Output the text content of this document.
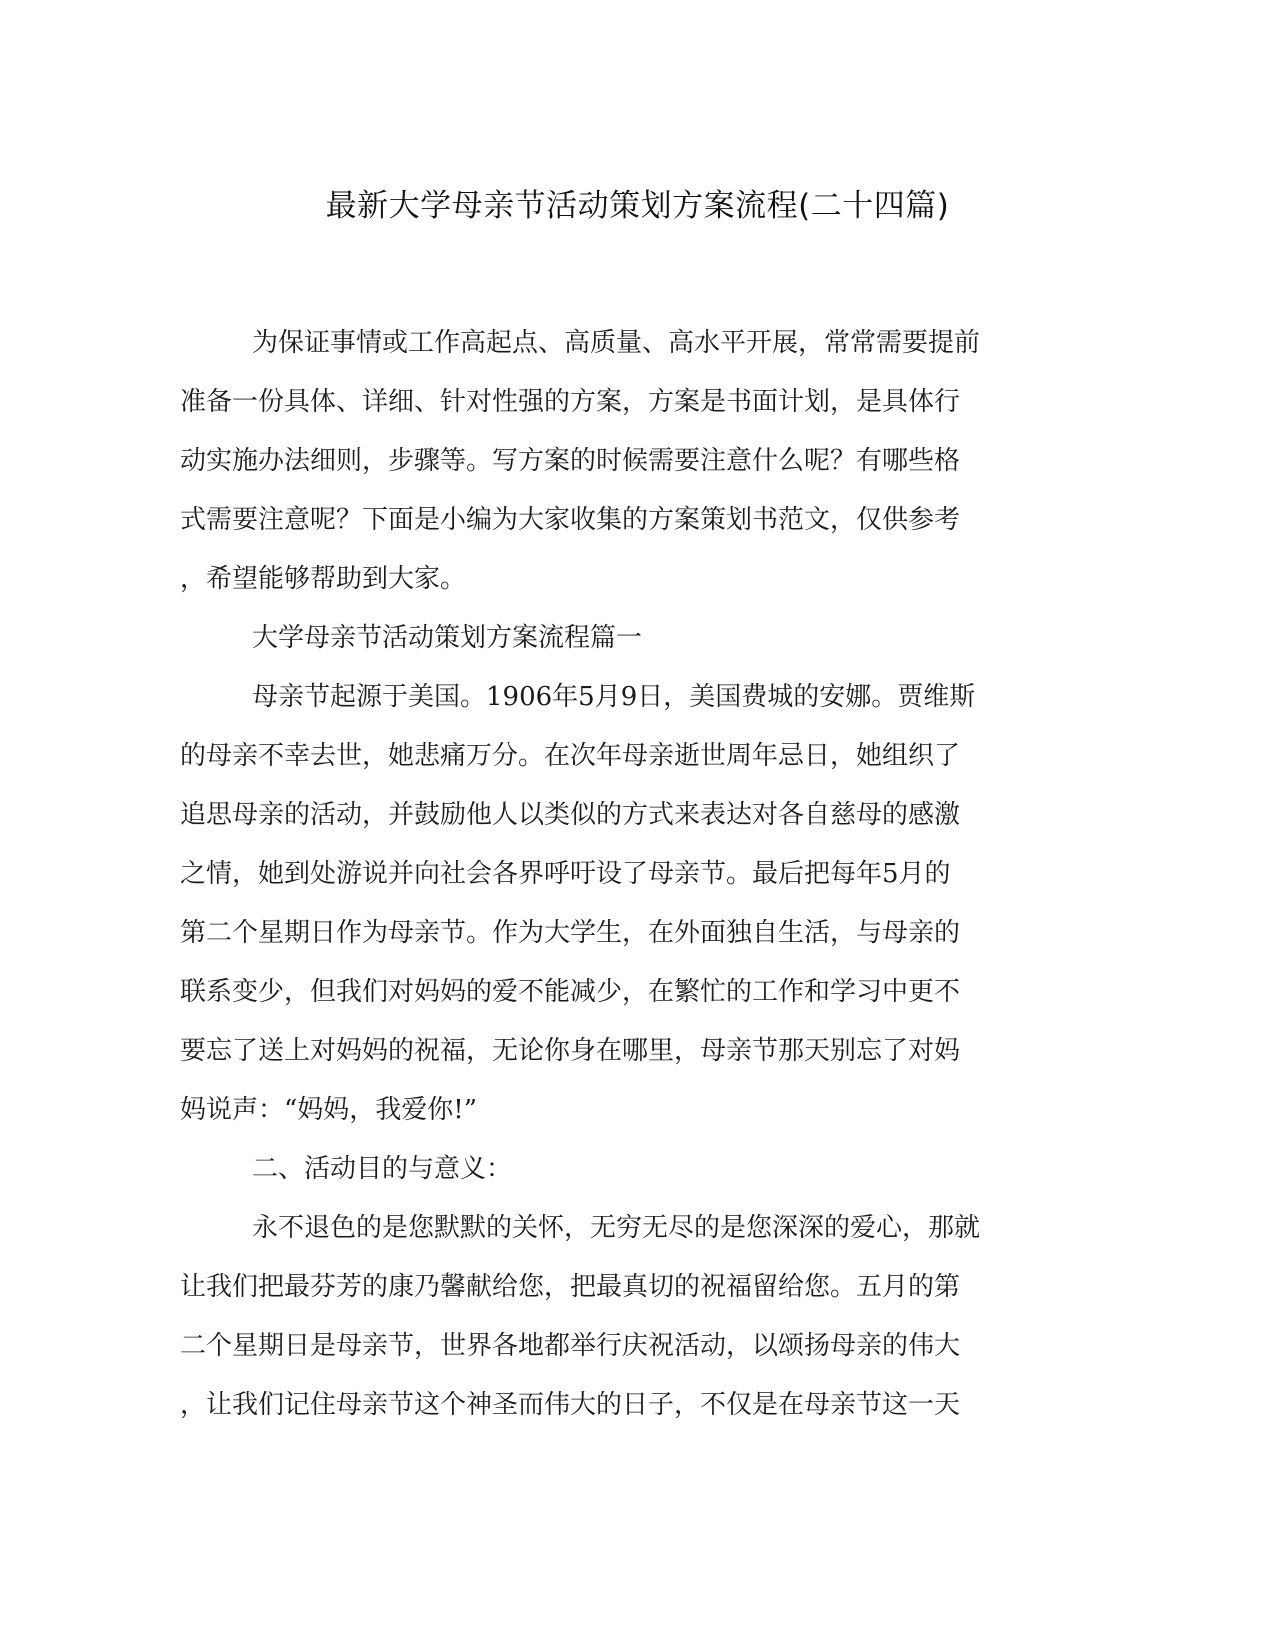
最新大学母亲节活动策划方案流程(二十四篇)
为保证事情或工作高起点、高质量、高水平开展，常常需要提前
准备一份具体、详细、针对性强的方案，方案是书面计划，是具体行
动实施办法细则，步骤等。写方案的时候需要注意什么呢？有哪些格
式需要注意呢？下面是小编为大家收集的方案策划书范文，仅供参考
，希望能够帮助到大家。
大学母亲节活动策划方案流程篇一
母亲节起源于美国。1906年5月9日，美国费城的安娜。贾维斯
的母亲不幸去世，她悲痛万分。在次年母亲逝世周年忌日，她组织了
追思母亲的活动，并鼓励他人以类似的方式来表达对各自慈母的感激
之情，她到处游说并向社会各界呼吁设了母亲节。最后把每年5月的
第二个星期日作为母亲节。作为大学生，在外面独自生活，与母亲的
联系变少，但我们对妈妈的爱不能减少，在繁忙的工作和学习中更不
要忘了送上对妈妈的祝福，无论你身在哪里，母亲节那天别忘了对妈
妈说声：“妈妈，我爱你!”
二、活动目的与意义：
永不退色的是您默默的关怀，无穷无尽的是您深深的爱心，那就
让我们把最芬芳的康乃馨献给您，把最真切的祝福留给您。五月的第
二个星期日是母亲节，世界各地都举行庆祝活动，以颂扬母亲的伟大
，让我们记住母亲节这个神圣而伟大的日子，不仅是在母亲节这一天
